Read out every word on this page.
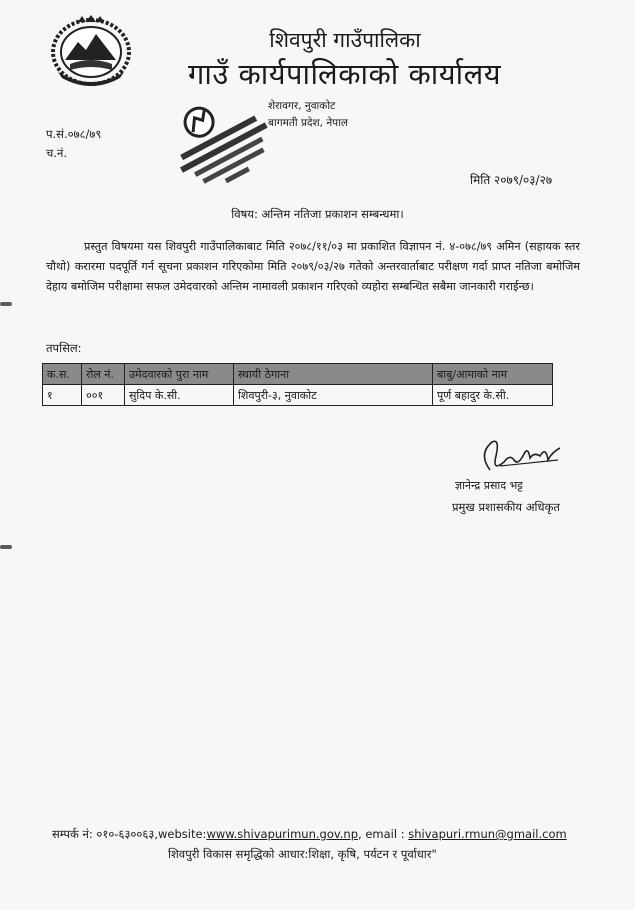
शिवपुरी गाउँपालिका
गाउँ कार्यपालिकाको कार्यालय
शेरावगर, नुवाकोट
बागमती प्रदेश, नेपाल
प.सं.०७८/७९
च.नं.
मिति २०७९/०३/२७
विषय: अन्तिम नतिजा प्रकाशन सम्बन्धमा।

प्रस्तुत विषयमा यस शिवपुरी गाउँपालिकाबाट मिति २०७८/११/०३ मा प्रकाशित विज्ञापन नं. ४-०७८/७९ अमिन (सहायक स्तर चौथो) करारमा पदपूर्ति गर्न सूचना प्रकाशन गरिएकोमा मिति २०७९/०३/२७ गतेको अन्तरवार्ताबाट परीक्षण गर्दा प्राप्त नतिजा बमोजिम देहाय बमोजिम परीक्षामा सफल उमेदवारको अन्तिम नामावली प्रकाशन गरिएको व्यहोरा सम्बन्धित सबैमा जानकारी गराईन्छ।

तपसिल:
क.स.	रोल नं.	उमेदवारको पुरा नाम	स्थायी ठेगाना	बाबु/आमाको नाम
१	००१	सुदिप के.सी.	शिवपुरी-३, नुवाकोट	पूर्ण बहादुर के.सी.
ज्ञानेन्द्र प्रसाद भट्ट
प्रमुख प्रशासकीय अधिकृत
सम्पर्क नं: ०१०-६३००६३,website:www.shivapurimun.gov.np, email : shivapuri.rmun@gmail.com
शिवपुरी विकास समृद्धिको आधार:शिक्षा, कृषि, पर्यटन र पूर्वाधार"
